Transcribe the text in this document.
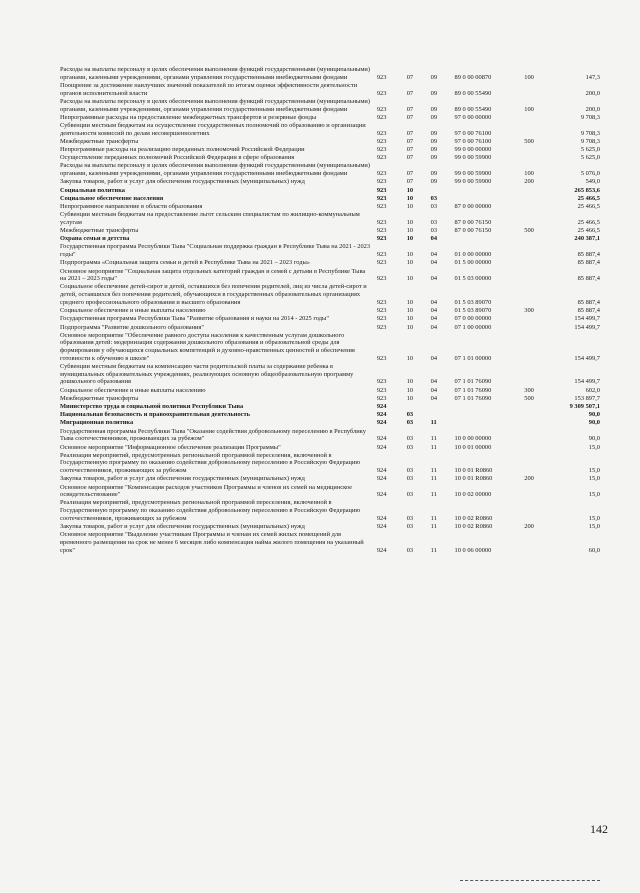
Расходы на выплаты персоналу в целях обеспечения выполнения функций государственными (муниципальными) органами, казенными учреждениями, органами управления государственными внебюджетными фондами	923	07	09	89 0 00 00870	100	147,3
Поощрение за достижение наилучших значений показателей по итогам оценки эффективности деятельности органов исполнительной власти	923	07	09	89 0 00 55490	200,0
Расходы на выплаты персоналу в целях обеспечения выполнения функций государственными (муниципальными) органами, казенными учреждениями, органами управления государственными внебюджетными фондами	923	07	09	89 0 00 55490	100	200,0
Непрограммные расходы на предоставление межбюджетных трансфертов и резервные фонды	923	07	09	97 0 00 00000	9 708,3
Субвенции местным бюджетам на осуществление государственных полномочий по образованию и организации деятельности комиссий по делам несовершеннолетних	923	07	09	97 0 00 76100	9 708,3
Межбюджетные трансферты	923	07	09	97 0 00 76100	500	9 708,3
Непрограммные расходы на реализацию переданных полномочий Российской Федерации	923	07	09	99 0 00 00000	5 625,0
Осуществление переданных полномочий Российской Федерации в сфере образования	923	07	09	99 0 00 59900	5 625,0
Расходы на выплаты персоналу в целях обеспечения выполнения функций государственными (муниципальными) органами, казенными учреждениями, органами управления государственными внебюджетными фондами	923	07	09	99 0 00 59900	100	5 076,0
Закупка товаров, работ и услуг для обеспечения государственных (муниципальных) нужд	923	07	09	99 0 00 59900	200	549,0
Социальная политика	923	10	265 853,6
Социальное обеспечение населения	923	10	03	25 466,5
Непрограммное направление в области образования	923	10	03	87 0 00 00000	25 466,5
Субвенции местным бюджетам на предоставление льгот сельским специалистам по жилищно-коммунальным услугам	923	10	03	87 0 00 76150	25 466,5
Межбюджетные трансферты	923	10	03	87 0 00 76150	500	25 466,5
Охрана семьи и детства	923	10	04	240 387,1
Государственная программа Республики Тыва "Социальная поддержка граждан в Республике Тыва на 2021 - 2023 годы"	923	10	04	01 0 00 00000	85 887,4
Подпрограмма «Социальная защита семьи и детей в Республике Тыва на 2021 – 2023 годы»	923	10	04	01 5 00 00000	85 887,4
Основное мероприятие "Социальная защита отдельных категорий граждан и семей с детьми в Республике Тыва на 2021 – 2023 годы"	923	10	04	01 5 03 00000	85 887,4
Социальное обеспечение детей-сирот и детей, оставшихся без попечения родителей, лиц из числа детей-сирот и детей, оставшихся без попечения родителей, обучающихся в государственных образовательных организациях среднего профессионального образования и высшего образования	923	10	04	01 5 03 89070	85 887,4
Социальное обеспечение и иные выплаты населению	923	10	04	01 5 03 89070	300	85 887,4
Государственная программа Республики Тыва "Развитие образования и науки на 2014 - 2025 годы"	923	10	04	07 0 00 00000	154 499,7
Подпрограмма "Развитие дошкольного образования"	923	10	04	07 1 00 00000	154 499,7
Основное мероприятие "Обеспечение равного доступа населения к качественным услугам дошкольного образования детей: модернизация содержания дошкольного образования и образовательной среды для формирования у обучающихся социальных компетенций и духовно-нравственных ценностей и обеспечения готовности к обучению в школе"	923	10	04	07 1 01 00000	154 499,7
Субвенции местным бюджетам на компенсацию части родительской платы за содержание ребенка в муниципальных образовательных учреждениях, реализующих основную общеобразовательную программу дошкольного образования	923	10	04	07 1 01 76090	154 499,7
Социальное обеспечение и иные выплаты населению	923	10	04	07 1 01 76090	300	602,0
Межбюджетные трансферты	923	10	04	07 1 01 76090	500	153 897,7
Министерство труда и социальной политики Республики Тыва	924	9 309 507,1
Национальная безопасность и правоохранительная деятельность	924	03	90,0
Миграционная политика	924	03	11	90,0
Государственная программа Республики Тыва "Оказание содействия добровольному переселению в Республику Тыва соотечественников, проживающих за рубежом"	924	03	11	10 0 00 00000	90,0
Основное мероприятие "Информационное обеспечение реализации Программы"	924	03	11	10 0 01 00000	15,0
Реализация мероприятий, предусмотренных региональной программой переселения, включенной в Государственную программу по оказанию содействия добровольному переселению в Российскую Федерацию соотечественников, проживающих за рубежом	924	03	11	10 0 01 R0860	15,0
Закупка товаров, работ и услуг для обеспечения государственных (муниципальных) нужд	924	03	11	10 0 01 R0860	200	15,0
Основное мероприятие "Компенсация расходов участников Программы и членов их семей на медицинское освидетельствование"	924	03	11	10 0 02 00000	15,0
Реализация мероприятий, предусмотренных региональной программой переселения, включенной в Государственную программу по оказанию содействия добровольному переселению в Российскую Федерацию соотечественников, проживающих за рубежом	924	03	11	10 0 02 R0860	15,0
Закупка товаров, работ и услуг для обеспечения государственных (муниципальных) нужд	924	03	11	10 0 02 R0860	200	15,0
Основное мероприятие "Выделение участникам Программы и членам их семей жилых помещений для временного размещения на срок не менее 6 месяцев либо компенсация найма жилого помещения на указанный срок"	924	03	11	10 0 06 00000	60,0
142
